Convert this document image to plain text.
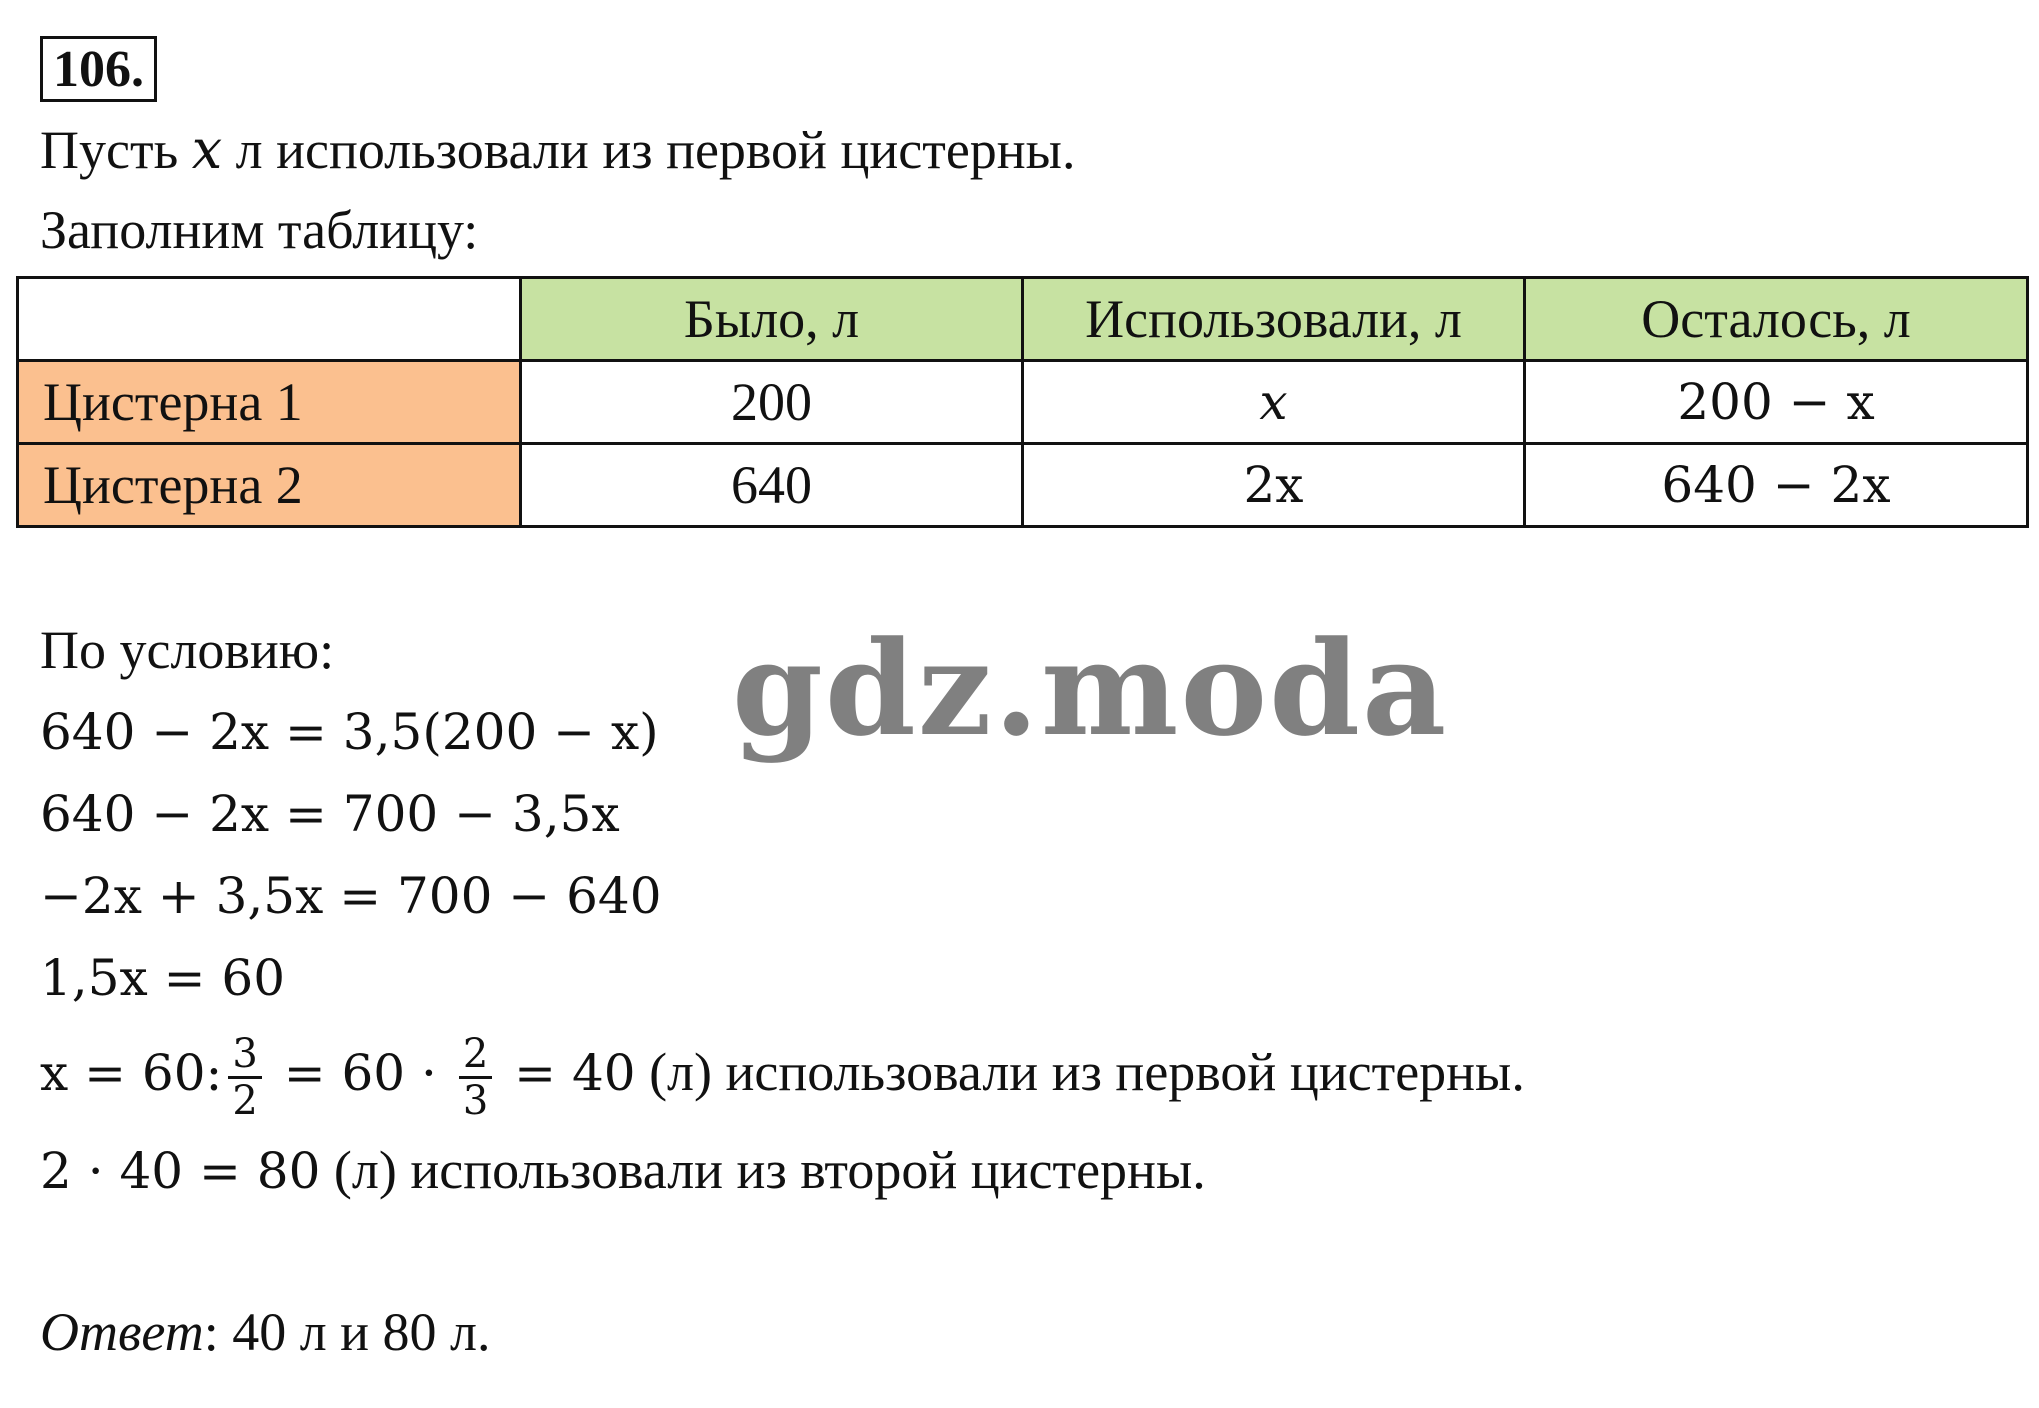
106.
Пусть x л использовали из первой цистерны.
Заполним таблицу:
	Было, л	Использовали, л	Осталось, л
Цистерна 1	200	x	200 − x
Цистерна 2	640	2x	640 − 2x
По условию:
640 − 2x = 3,5(200 − x)
640 − 2x = 700 − 3,5x
−2x + 3,5x = 700 − 640
1,5x = 60
x = 60: $\frac{3}{2} = 60 \cdot \frac{2}{3} = 40$ (л) использовали из первой цистерны.
2 · 40 = 80 (л) использовали из второй цистерны.
Ответ: 40 л и 80 л.
gdz.moda
